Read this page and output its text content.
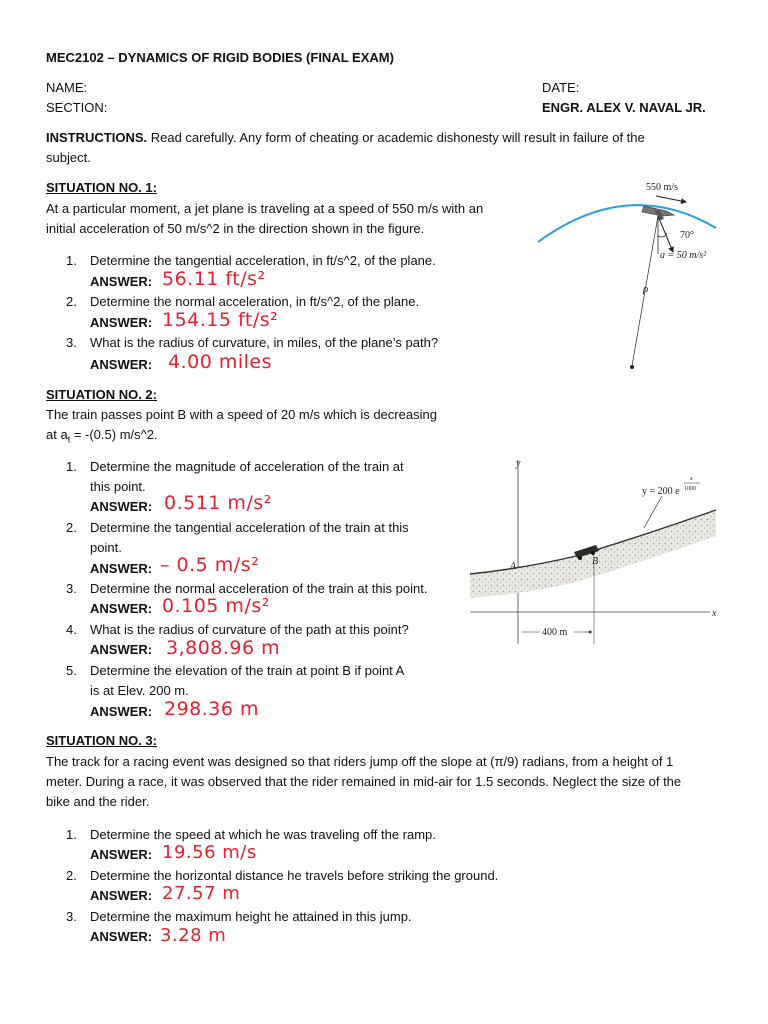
MEC2102 – DYNAMICS OF RIGID BODIES (FINAL EXAM)
NAME:	DATE:
SECTION:	ENGR. ALEX V. NAVAL JR.
INSTRUCTIONS. Read carefully. Any form of cheating or academic dishonesty will result in failure of the
subject.
SITUATION NO. 1:
At a particular moment, a jet plane is traveling at a speed of 550 m/s with an
initial acceleration of 50 m/s^2 in the direction shown in the figure.
1.	Determine the tangential acceleration, in ft/s^2, of the plane.
ANSWER: 56.11 ft/s²
2.	Determine the normal acceleration, in ft/s^2, of the plane.
ANSWER: 154.15 ft/s²
3.	What is the radius of curvature, in miles, of the plane’s path?
ANSWER: 4.00 miles
550 m/s
70°
a = 50 m/s²
ρ
SITUATION NO. 2:
The train passes point B with a speed of 20 m/s which is decreasing
at $a_t = -(0.5)$ m/s^2.
1.	Determine the magnitude of acceleration of the train at
this point.
ANSWER: 0.511 m/s²
2.	Determine the tangential acceleration of the train at this
point.
ANSWER: – 0.5 m/s²
3.	Determine the normal acceleration of the train at this point.
ANSWER: 0.105 m/s²
4.	What is the radius of curvature of the path at this point?
ANSWER: 3,808.96 m
5.	Determine the elevation of the train at point B if point A
is at Elev. 200 m.
ANSWER: 298.36 m
y
x
A	B
y = 200 e
x
1000
400 m
SITUATION NO. 3:
The track for a racing event was designed so that riders jump off the slope at (π/9) radians, from a height of 1
meter. During a race, it was observed that the rider remained in mid-air for 1.5 seconds. Neglect the size of the
bike and the rider.
1.	Determine the speed at which he was traveling off the ramp.
ANSWER: 19.56 m/s
2.	Determine the horizontal distance he travels before striking the ground.
ANSWER: 27.57 m
3.	Determine the maximum height he attained in this jump.
ANSWER: 3.28 m
